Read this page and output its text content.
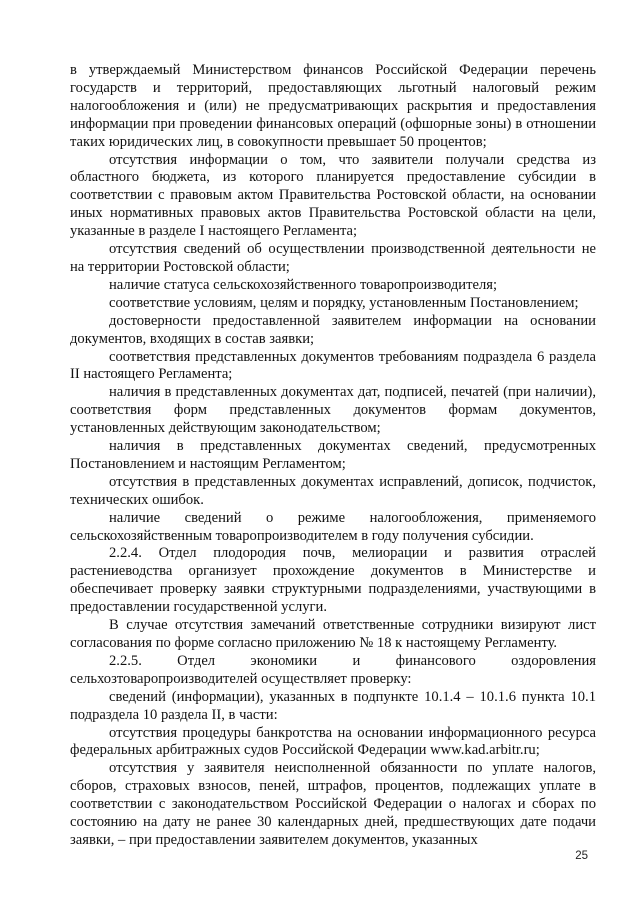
в утверждаемый Министерством финансов Российской Федерации перечень государств и территорий, предоставляющих льготный налоговый режим налогообложения и (или) не предусматривающих раскрытия и предоставления информации при проведении финансовых операций (офшорные зоны) в отношении таких юридических лиц, в совокупности превышает 50 процентов;

отсутствия информации о том, что заявители получали средства из областного бюджета, из которого планируется предоставление субсидии в соответствии с правовым актом Правительства Ростовской области, на основании иных нормативных правовых актов Правительства Ростовской области на цели, указанные в разделе I настоящего Регламента;

отсутствия сведений об осуществлении производственной деятельности не на территории Ростовской области;

наличие статуса сельскохозяйственного товаропроизводителя;

соответствие условиям, целям и порядку, установленным Постановлением;

достоверности предоставленной заявителем информации на основании документов, входящих в состав заявки;

соответствия представленных документов требованиям подраздела 6 раздела II настоящего Регламента;

наличия в представленных документах дат, подписей, печатей (при наличии), соответствия форм представленных документов формам документов, установленных действующим законодательством;

наличия в представленных документах сведений, предусмотренных Постановлением и настоящим Регламентом;

отсутствия в представленных документах исправлений, дописок, подчисток, технических ошибок.

наличие сведений о режиме налогообложения, применяемого сельскохозяйственным товаропроизводителем в году получения субсидии.

2.2.4. Отдел плодородия почв, мелиорации и развития отраслей растениеводства организует прохождение документов в Министерстве и обеспечивает проверку заявки структурными подразделениями, участвующими в предоставлении государственной услуги.

В случае отсутствия замечаний ответственные сотрудники визируют лист согласования по форме согласно приложению № 18 к настоящему Регламенту.

2.2.5. Отдел экономики и финансового оздоровления сельхозтоваропроизводителей осуществляет проверку:

сведений (информации), указанных в подпункте 10.1.4 – 10.1.6 пункта 10.1 подраздела 10 раздела II, в части:

отсутствия процедуры банкротства на основании информационного ресурса федеральных арбитражных судов Российской Федерации www.kad.arbitr.ru;

отсутствия у заявителя неисполненной обязанности по уплате налогов, сборов, страховых взносов, пеней, штрафов, процентов, подлежащих уплате в соответствии с законодательством Российской Федерации о налогах и сборах по состоянию на дату не ранее 30 календарных дней, предшествующих дате подачи заявки, – при предоставлении заявителем документов, указанных

25
